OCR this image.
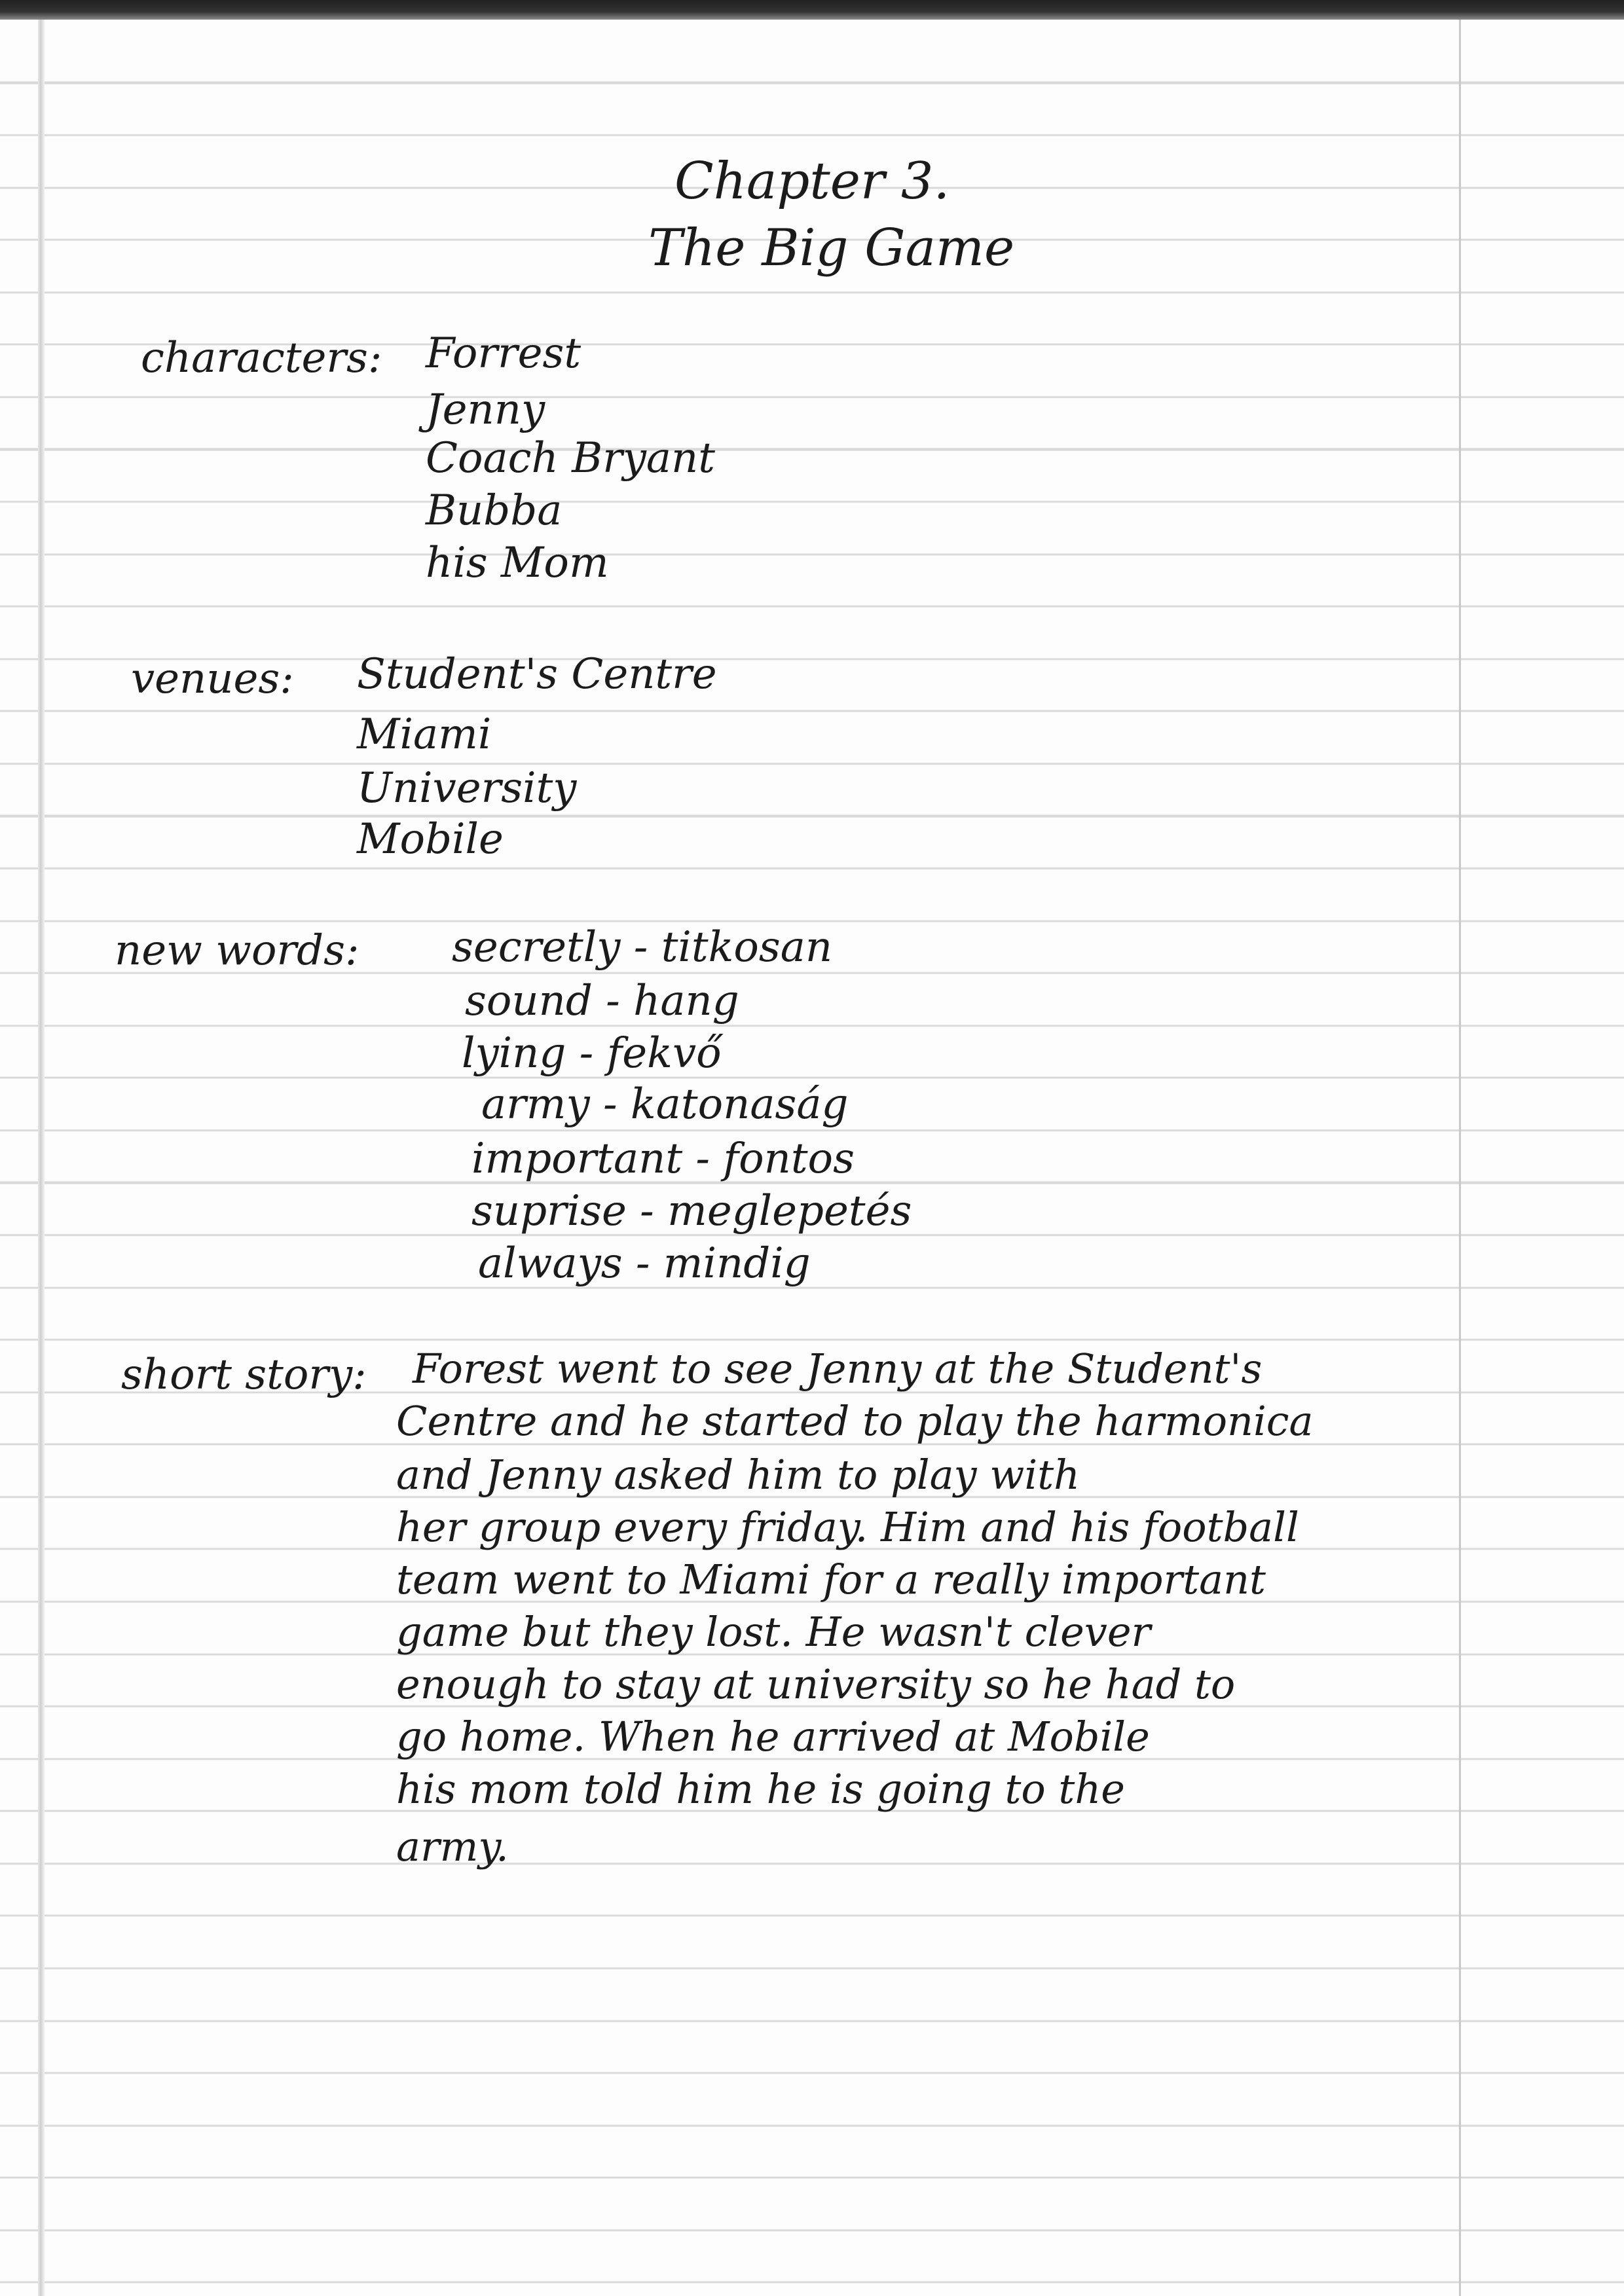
Chapter 3.

The Big Game

characters: Forrest

Jenny

Coach Bryant

Bubba

his Mom

venues: Student's Centre

Miami

University

Mobile

new words: secretly - titkosan

sound - hang

lying - fekvő

army - katonaság

important - fontos

suprise - meglepetés

always - mindig

short story: Forest went to see Jenny at the Student's

Centre and he started to play the harmonica

and Jenny asked him to play with

her group every friday. Him and his football

team went to Miami for a really important

game but they lost. He wasn't clever

enough to stay at university so he had to

go home. When he arrived at Mobile

his mom told him he is going to the

army.
